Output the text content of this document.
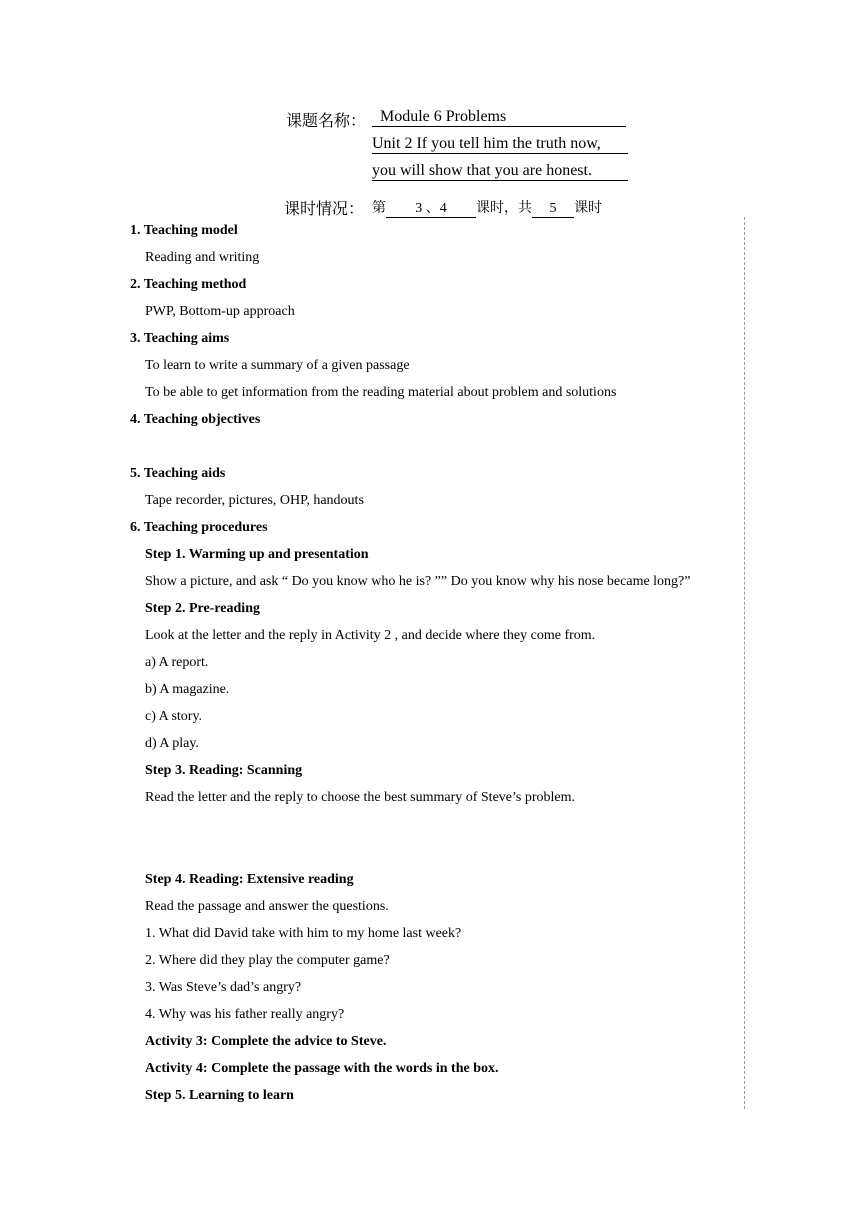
课题名称： Module 6 Problems
Unit 2 If you tell him the truth now,
you will show that you are honest.
课时情况： 第 3 、4 课时，共 5 课时
1. Teaching model
Reading and writing
2. Teaching method
PWP, Bottom-up approach
3. Teaching aims
To learn to write a summary of a given passage
To be able to get information from the reading material about problem and solutions
4. Teaching objectives
5. Teaching aids
Tape recorder, pictures, OHP, handouts
6. Teaching procedures
Step 1. Warming up and presentation
Show a picture, and ask “ Do you know who he is? ”” Do you know why his nose became long?”
Step 2. Pre-reading
Look at the letter and the reply in Activity 2 , and decide where they come from.
a) A report.
b) A magazine.
c) A story.
d) A play.
Step 3. Reading: Scanning
Read the letter and the reply to choose the best summary of Steve’s problem.
Step 4. Reading: Extensive reading
Read the passage and answer the questions.
1. What did David take with him to my home last week?
2. Where did they play the computer game?
3. Was Steve’s dad’s angry?
4. Why was his father really angry?
Activity 3: Complete the advice to Steve.
Activity 4: Complete the passage with the words in the box.
Step 5. Learning to learn
